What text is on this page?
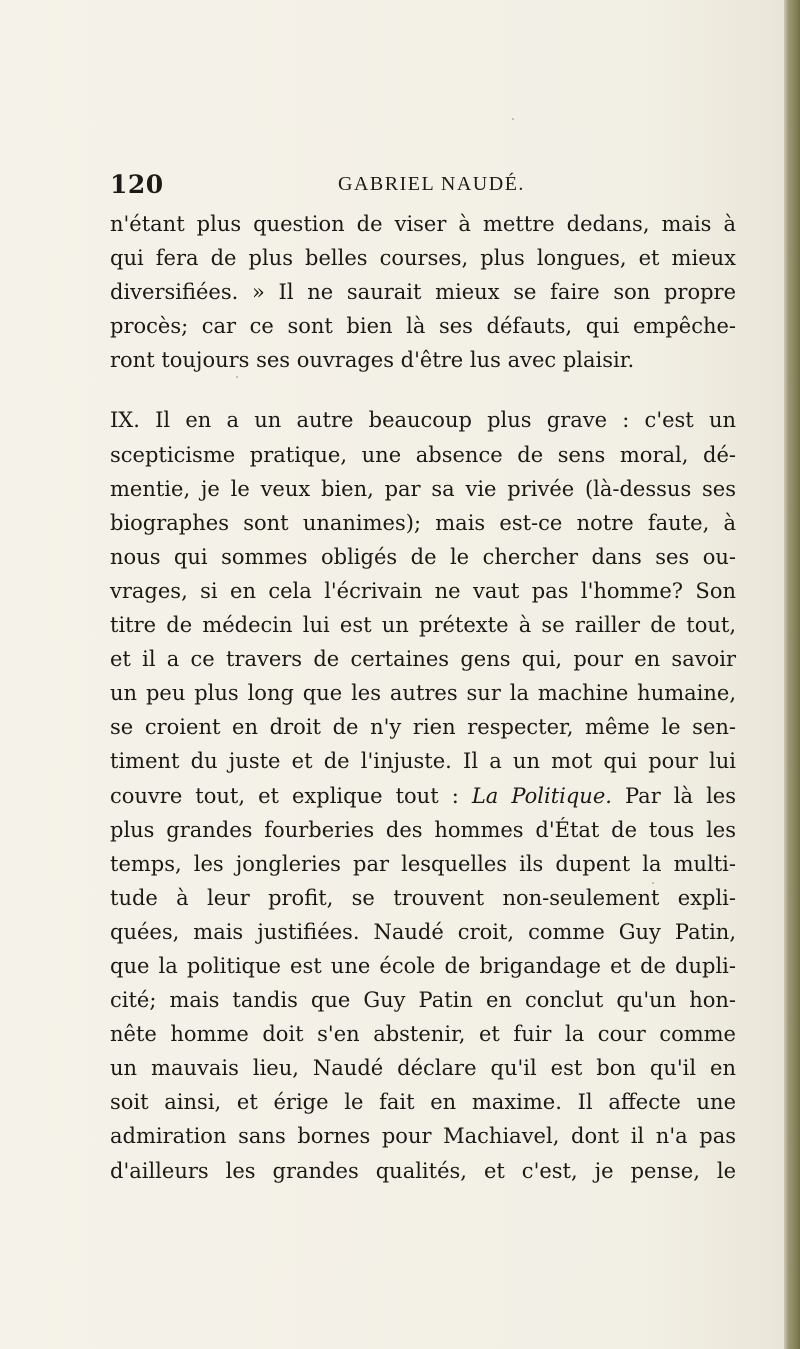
120	GABRIEL NAUDÉ.
n'étant plus question de viser à mettre dedans, mais à
qui fera de plus belles courses, plus longues, et mieux
diversifiées. » Il ne saurait mieux se faire son propre
procès; car ce sont bien là ses défauts, qui empêche-
ront toujours ses ouvrages d'être lus avec plaisir.
IX. Il en a un autre beaucoup plus grave : c'est un
scepticisme pratique, une absence de sens moral, dé-
mentie, je le veux bien, par sa vie privée (là-dessus ses
biographes sont unanimes); mais est-ce notre faute, à
nous qui sommes obligés de le chercher dans ses ou-
vrages, si en cela l'écrivain ne vaut pas l'homme? Son
titre de médecin lui est un prétexte à se railler de tout,
et il a ce travers de certaines gens qui, pour en savoir
un peu plus long que les autres sur la machine humaine,
se croient en droit de n'y rien respecter, même le sen-
timent du juste et de l'injuste. Il a un mot qui pour lui
couvre tout, et explique tout : La Politique. Par là les
plus grandes fourberies des hommes d'État de tous les
temps, les jongleries par lesquelles ils dupent la multi-
tude à leur profit, se trouvent non-seulement expli-
quées, mais justifiées. Naudé croit, comme Guy Patin,
que la politique est une école de brigandage et de dupli-
cité; mais tandis que Guy Patin en conclut qu'un hon-
nête homme doit s'en abstenir, et fuir la cour comme
un mauvais lieu, Naudé déclare qu'il est bon qu'il en
soit ainsi, et érige le fait en maxime. Il affecte une
admiration sans bornes pour Machiavel, dont il n'a pas
d'ailleurs les grandes qualités, et c'est, je pense, le
